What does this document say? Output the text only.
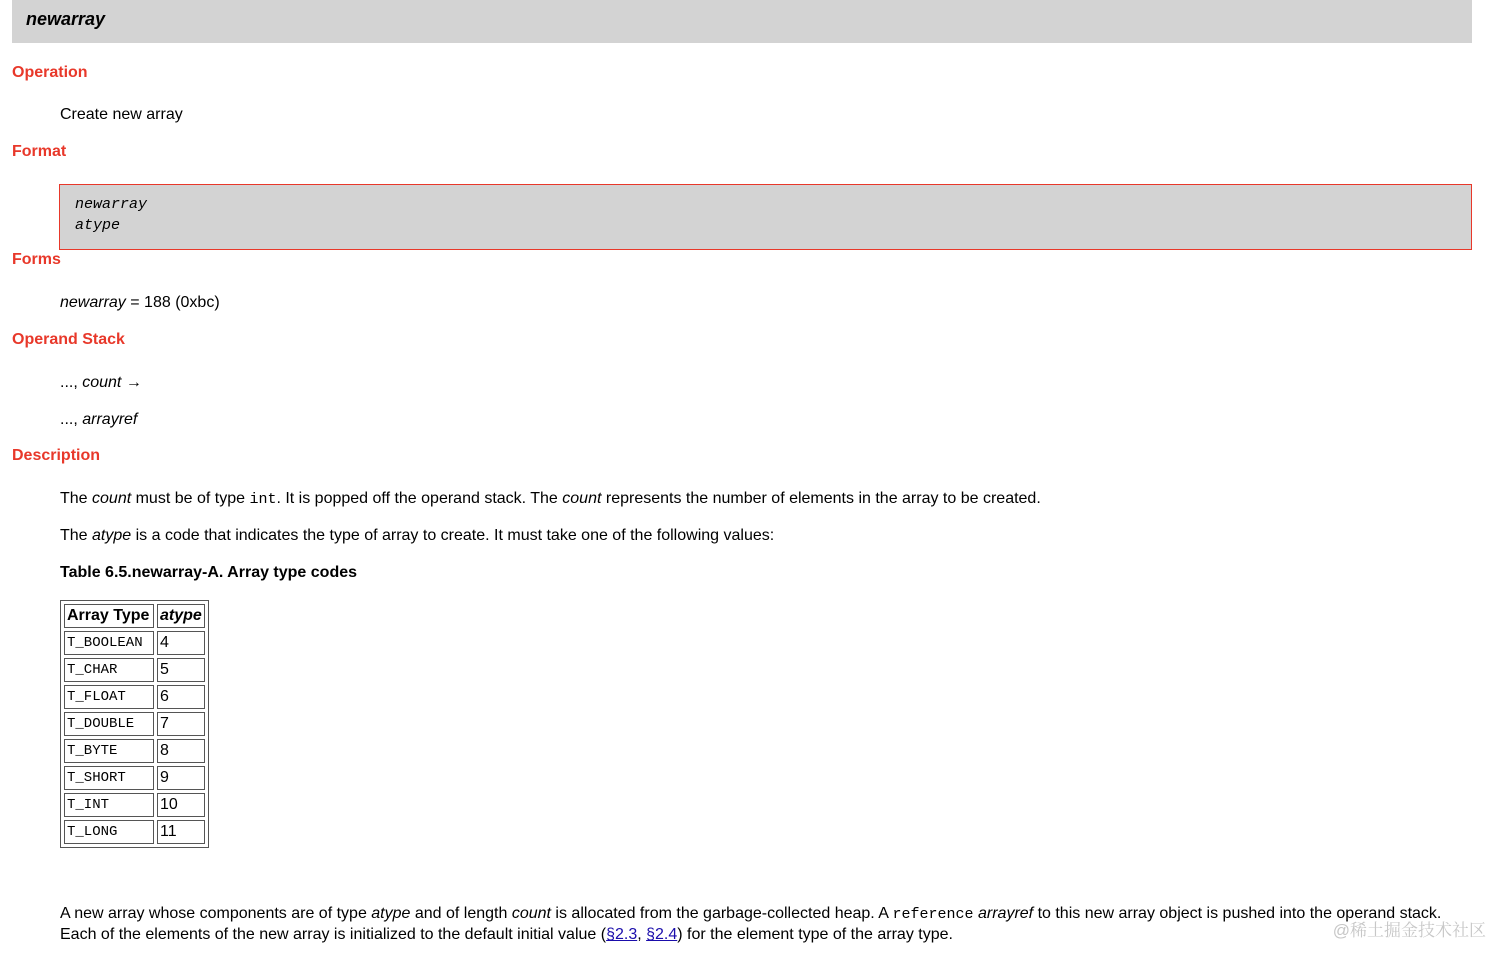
newarray
Operation
Create new array
Format
newarray
atype
Forms
newarray = 188 (0xbc)
Operand Stack
..., count →
..., arrayref
Description
The count must be of type int. It is popped off the operand stack. The count represents the number of elements in the array to be created.
The atype is a code that indicates the type of array to create. It must take one of the following values:
Table 6.5.newarray-A. Array type codes
Array Type	atype
T_BOOLEAN	4
T_CHAR	5
T_FLOAT	6
T_DOUBLE	7
T_BYTE	8
T_SHORT	9
T_INT	10
T_LONG	11
A new array whose components are of type atype and of length count is allocated from the garbage-collected heap. A reference arrayref to this new array object is pushed into the operand stack.
Each of the elements of the new array is initialized to the default initial value (§2.3, §2.4) for the element type of the array type.	@稀土掘金技术社区
